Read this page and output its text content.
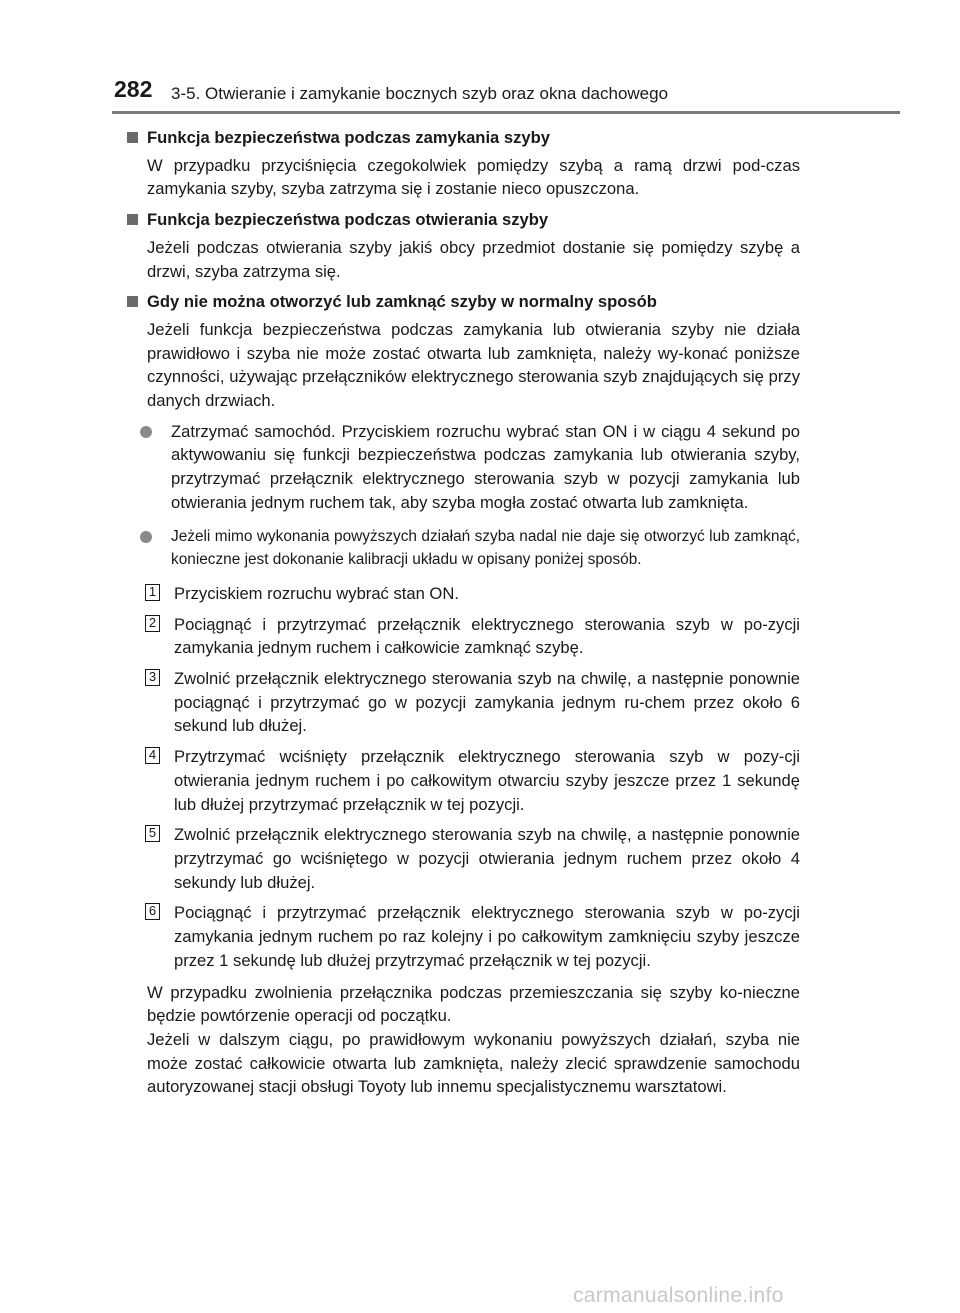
282 3-5. Otwieranie i zamykanie bocznych szyb oraz okna dachowego
Funkcja bezpieczeństwa podczas zamykania szyby

W przypadku przyciśnięcia czegokolwiek pomiędzy szybą a ramą drzwi pod-czas zamykania szyby, szyba zatrzyma się i zostanie nieco opuszczona.

Funkcja bezpieczeństwa podczas otwierania szyby

Jeżeli podczas otwierania szyby jakiś obcy przedmiot dostanie się pomiędzy szybę a drzwi, szyba zatrzyma się.

Gdy nie można otworzyć lub zamknąć szyby w normalny sposób

Jeżeli funkcja bezpieczeństwa podczas zamykania lub otwierania szyby nie działa prawidłowo i szyba nie może zostać otwarta lub zamknięta, należy wy-konać poniższe czynności, używając przełączników elektrycznego sterowania szyb znajdujących się przy danych drzwiach.

Zatrzymać samochód. Przyciskiem rozruchu wybrać stan ON i w ciągu 4 sekund po aktywowaniu się funkcji bezpieczeństwa podczas zamykania lub otwierania szyby, przytrzymać przełącznik elektrycznego sterowania szyb w pozycji zamykania lub otwierania jednym ruchem tak, aby szyba mogła zostać otwarta lub zamknięta.
Jeżeli mimo wykonania powyższych działań szyba nadal nie daje się otworzyć lub zamknąć, konieczne jest dokonanie kalibracji układu w opisany poniżej sposób.
1 Przyciskiem rozruchu wybrać stan ON.
2 Pociągnąć i przytrzymać przełącznik elektrycznego sterowania szyb w po-zycji zamykania jednym ruchem i całkowicie zamknąć szybę.
3 Zwolnić przełącznik elektrycznego sterowania szyb na chwilę, a następnie ponownie pociągnąć i przytrzymać go w pozycji zamykania jednym ru-chem przez około 6 sekund lub dłużej.
4 Przytrzymać wciśnięty przełącznik elektrycznego sterowania szyb w pozy-cji otwierania jednym ruchem i po całkowitym otwarciu szyby jeszcze przez 1 sekundę lub dłużej przytrzymać przełącznik w tej pozycji.
5 Zwolnić przełącznik elektrycznego sterowania szyb na chwilę, a następnie ponownie przytrzymać go wciśniętego w pozycji otwierania jednym ruchem przez około 4 sekundy lub dłużej.
6 Pociągnąć i przytrzymać przełącznik elektrycznego sterowania szyb w po-zycji zamykania jednym ruchem po raz kolejny i po całkowitym zamknięciu szyby jeszcze przez 1 sekundę lub dłużej przytrzymać przełącznik w tej pozycji.

W przypadku zwolnienia przełącznika podczas przemieszczania się szyby ko-nieczne będzie powtórzenie operacji od początku.

Jeżeli w dalszym ciągu, po prawidłowym wykonaniu powyższych działań, szyba nie może zostać całkowicie otwarta lub zamknięta, należy zlecić sprawdzenie samochodu autoryzowanej stacji obsługi Toyoty lub innemu specjalistycznemu warsztatowi.

carmanualsonline.info
